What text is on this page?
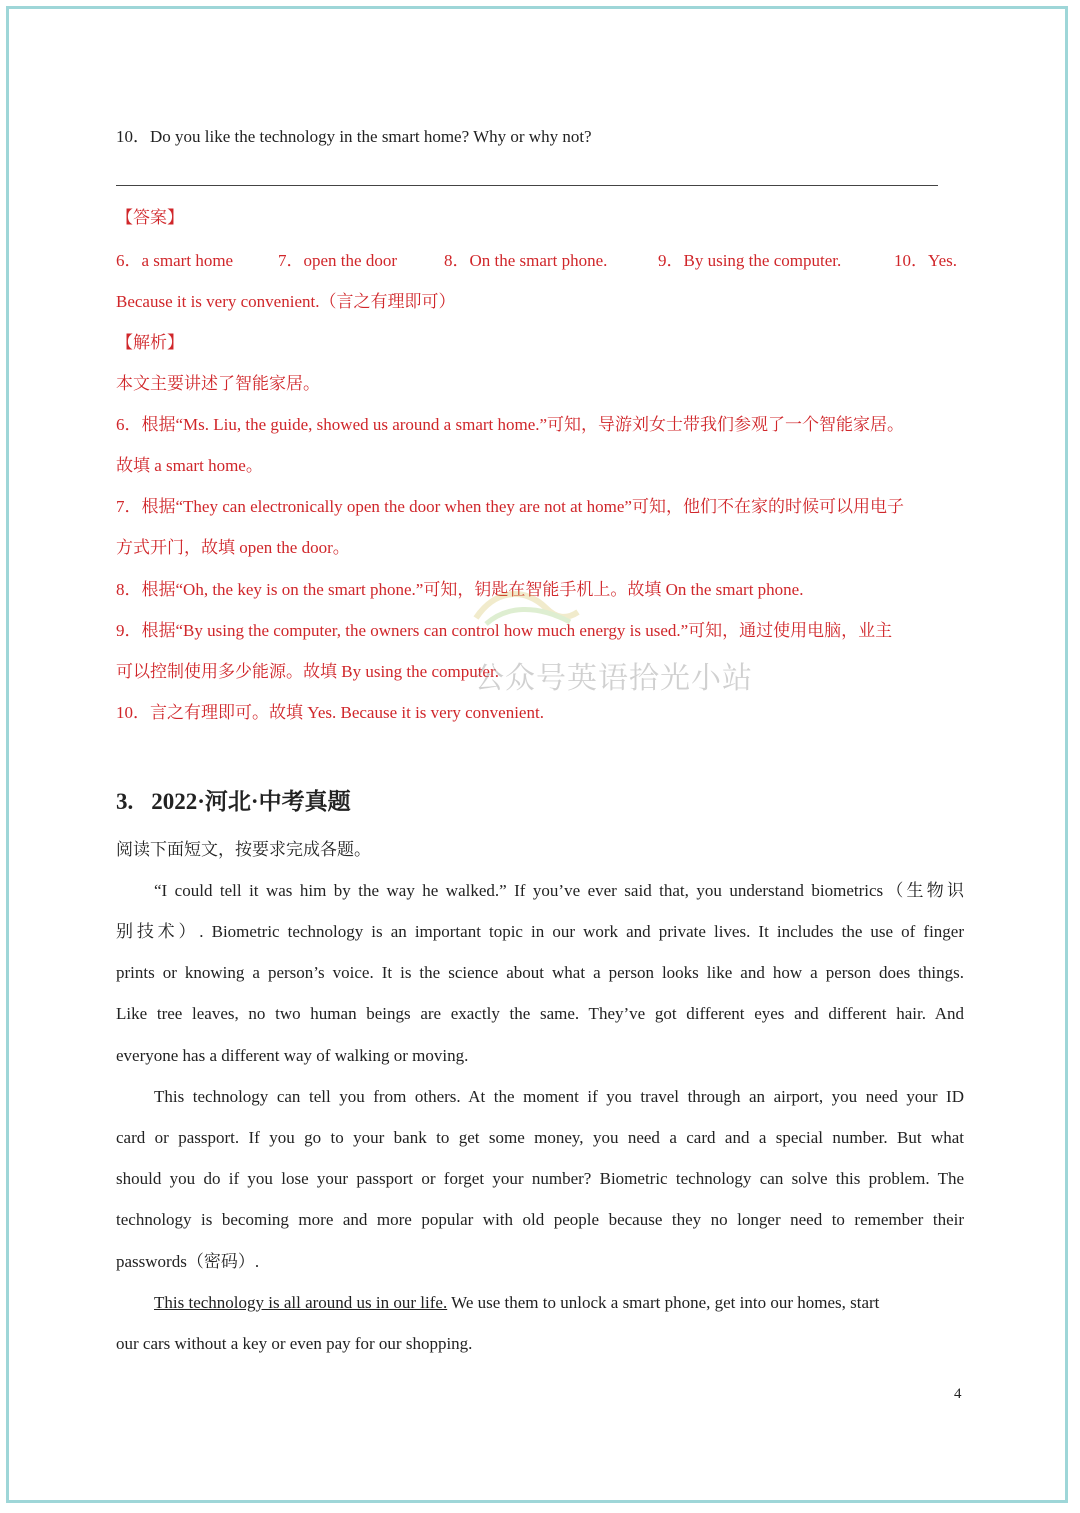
10．Do you like the technology in the smart home? Why or why not?
【答案】
6．a smart home	7．open the door	8．On the smart phone.	9．By using the computer.	10．Yes.
Because it is very convenient.（言之有理即可）
【解析】
本文主要讲述了智能家居。
6．根据“Ms. Liu, the guide, showed us around a smart home.”可知，导游刘女士带我们参观了一个智能家居。
故填 a smart home。
7．根据“They can electronically open the door when they are not at home”可知，他们不在家的时候可以用电子
方式开门，故填 open the door。
8．根据“Oh, the key is on the smart phone.”可知，钥匙在智能手机上。故填 On the smart phone.
9．根据“By using the computer, the owners can control how much energy is used.”可知，通过使用电脑，业主
可以控制使用多少能源。故填 By using the computer.
10．言之有理即可。故填 Yes. Because it is very convenient.
公众号英语拾光小站
3. 2022·河北·中考真题
阅读下面短文，按要求完成各题。
“I could tell it was him by the way he walked.” If you’ve ever said that, you understand biometrics（生物识
别技术）. Biometric technology is an important topic in our work and private lives. It includes the use of finger
prints or knowing a person’s voice. It is the science about what a person looks like and how a person does things.
Like tree leaves, no two human beings are exactly the same. They’ve got different eyes and different hair. And
everyone has a different way of walking or moving.
This technology can tell you from others. At the moment if you travel through an airport, you need your ID
card or passport. If you go to your bank to get some money, you need a card and a special number. But what
should you do if you lose your passport or forget your number? Biometric technology can solve this problem. The
technology is becoming more and more popular with old people because they no longer need to remember their
passwords（密码）.
This technology is all around us in our life. We use them to unlock a smart phone, get into our homes, start
our cars without a key or even pay for our shopping.
4
